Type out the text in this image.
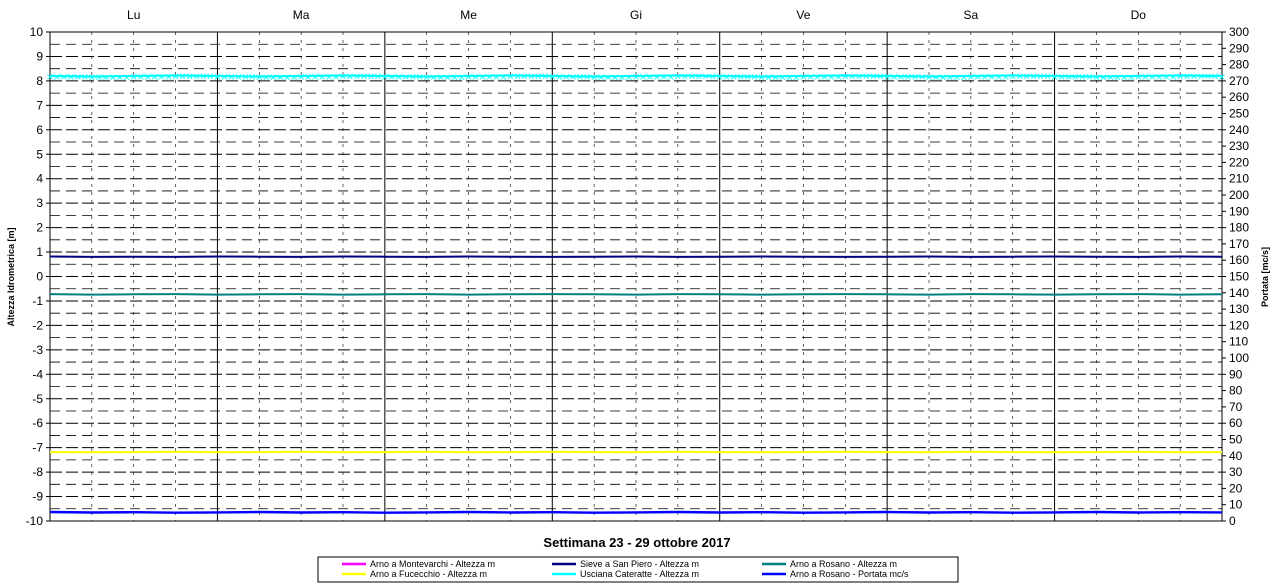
×
×
×
×
×
×
×
×
×
×
×
×
×
×
×
×
×
×
×
×
×
×
×
×
×
×
×
×
×
×
×
×
×
×
×
×
×
×
×
×
×
×
×
×
×
×
×
×
×
×
×
×
×
×
×
×
×
×
×
×
×
×
×
×
×
×
×
×
×
×
×
×
×
×
×
×
×
×
×
×
×
×
×
×
×
×
×
×
×
×
×
×
×
×
×
×
×
×
×
×
×
×
×
×
×
×
×
×
×
×
×
×
×
×
×
×
×
×
×
×
×
×
×
×
×
×
×
×
×
×
×
×
×
×
×
×
×
×
×
×
×
×
×
×
×
×
×
×
×
×
×
×
×
×
×
×
×
×
×
×
×
×
×
×
×
×
×
×
×
Lu	Ma	Me	Gi	Ve	Sa	Do
10
9
8
7
6
5
4
3
2
1
0
-1
-2
-3
-4
-5
-6
-7
-8
-9
-10
300
290
280
270
260
250
240
230
220
210
200
190
180
170
160
150
140
130
120
110
100
90
80
70
60
50
40
30
20
10
0
Altezza Idrometrica [m]	Portata [mc/s]
Settimana 23 - 29 ottobre 2017
Arno a Montevarchi - Altezza m	Sieve a San Piero - Altezza m	Arno a Rosano - Altezza m
Arno a Fucecchio - Altezza m	Usciana Cateratte - Altezza m	Arno a Rosano - Portata mc/s
